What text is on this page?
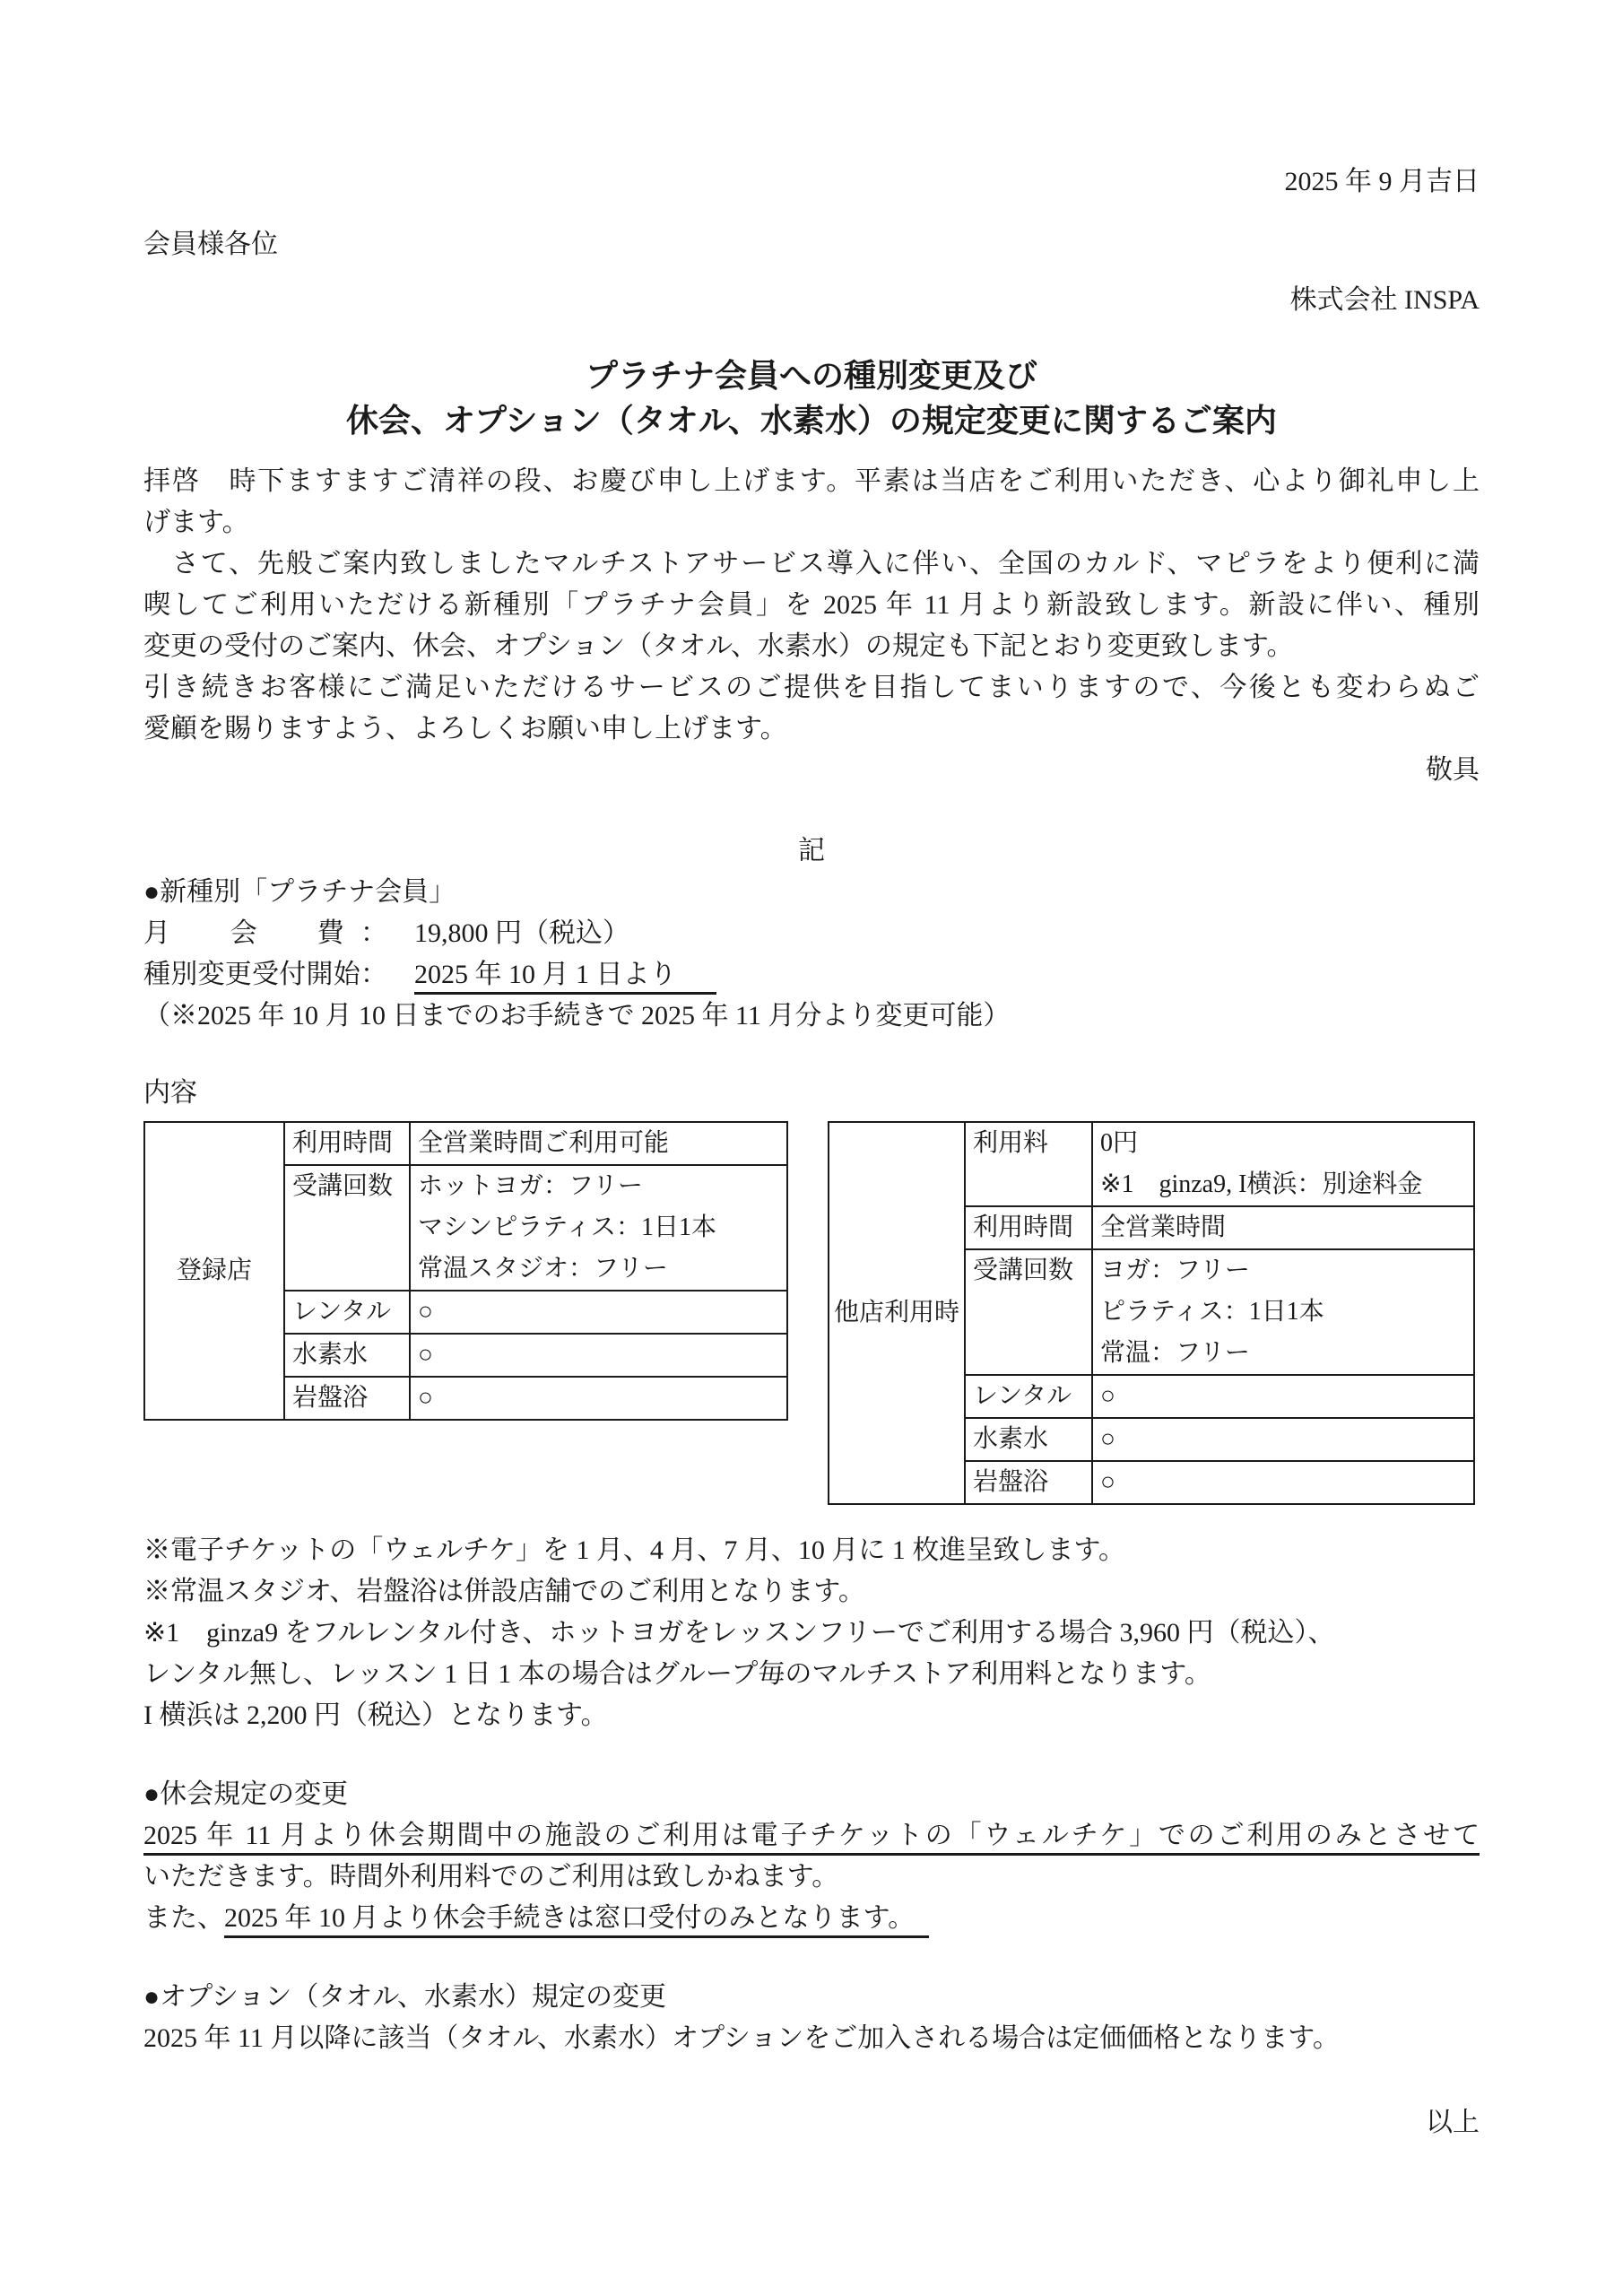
2025 年 9 月吉日
会員様各位
株式会社 INSPA
プラチナ会員への種別変更及び
休会、オプション（タオル、水素水）の規定変更に関するご案内
拝啓　時下ますますご清祥の段、お慶び申し上げます。平素は当店をご利用いただき、心より御礼申し上
げます。
　さて、先般ご案内致しましたマルチストアサービス導入に伴い、全国のカルド、マピラをより便利に満
喫してご利用いただける新種別「プラチナ会員」を 2025 年 11 月より新設致します。新設に伴い、種別
変更の受付のご案内、休会、オプション（タオル、水素水）の規定も下記とおり変更致します。
引き続きお客様にご満足いただけるサービスのご提供を目指してまいりますので、今後とも変わらぬご
愛顧を賜りますよう、よろしくお願い申し上げます。
敬具
記
●新種別「プラチナ会員」
月　会　費： 19,800 円（税込）
種別変更受付開始： 2025 年 10 月 1 日より
（※2025 年 10 月 10 日までのお手続きで 2025 年 11 月分より変更可能）
内容
登録店	利用時間	全営業時間ご利用可能
	受講回数	ホットヨガ：フリー
マシンピラティス：1日1本
常温スタジオ：フリー

	レンタル	○
	水素水	○
	岩盤浴	○
他店利用時	利用料	0円
※1　ginza9, I横浜：別途料金

	利用時間	全営業時間
	受講回数	ヨガ：フリー
ピラティス：1日1本
常温：フリー

	レンタル	○
	水素水	○
	岩盤浴	○
※電子チケットの「ウェルチケ」を 1 月、4 月、7 月、10 月に 1 枚進呈致します。
※常温スタジオ、岩盤浴は併設店舗でのご利用となります。
※1　ginza9 をフルレンタル付き、ホットヨガをレッスンフリーでご利用する場合 3,960 円（税込）、
レンタル無し、レッスン 1 日 1 本の場合はグループ毎のマルチストア利用料となります。
I 横浜は 2,200 円（税込）となります。
●休会規定の変更
2025 年 11 月より休会期間中の施設のご利用は電子チケットの「ウェルチケ」でのご利用のみとさせて
いただきます。時間外利用料でのご利用は致しかねます。
また、2025 年 10 月より休会手続きは窓口受付のみとなります。
●オプション（タオル、水素水）規定の変更
2025 年 11 月以降に該当（タオル、水素水）オプションをご加入される場合は定価価格となります。
以上
